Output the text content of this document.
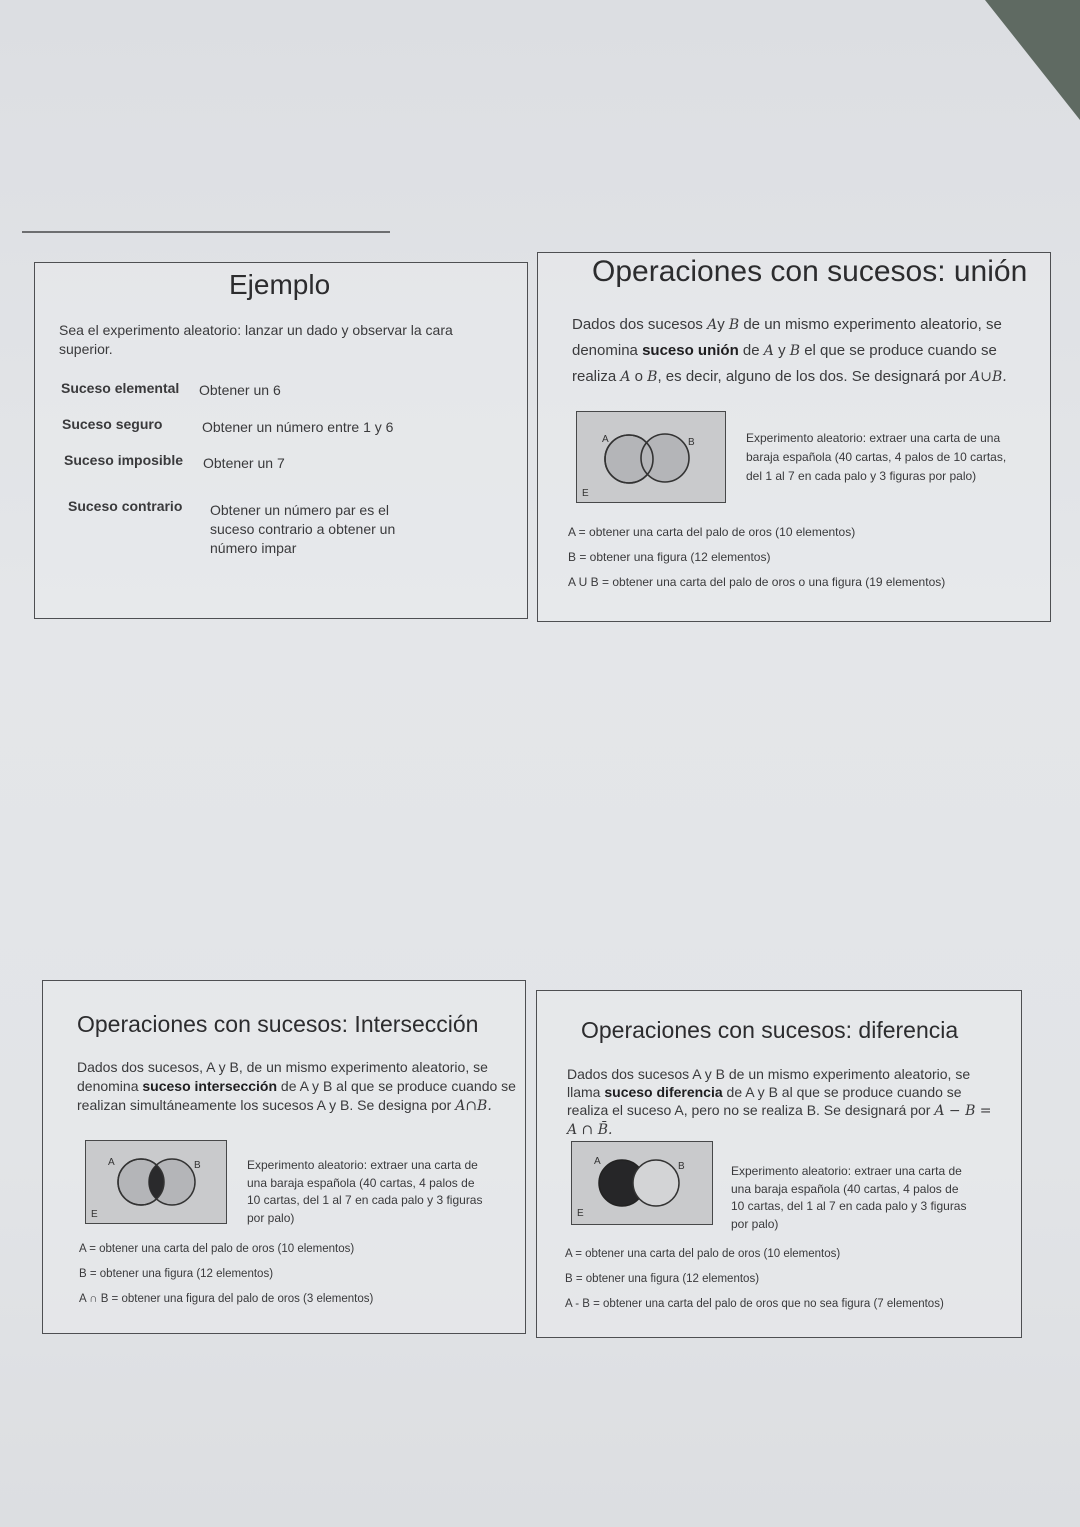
Ejemplo
Sea el experimento aleatorio: lanzar un dado y observar la cara superior.
Suceso elemental Obtener un 6
Suceso seguro	Obtener un número entre 1 y 6
Suceso imposible Obtener un 7
Suceso contrario Obtener un número par es el suceso contrario a obtener un número impar
Operaciones con sucesos: unión
Dados dos sucesos Ay B de un mismo experimento aleatorio, se denomina suceso unión de A y B el que se produce cuando se realiza A o B, es decir, alguno de los dos. Se designará por A∪B.
A	B
E
Experimento aleatorio: extraer una carta de una baraja española (40 cartas, 4 palos de 10 cartas, del 1 al 7 en cada palo y 3 figuras por palo)
A = obtener una carta del palo de oros (10 elementos)
B = obtener una figura (12 elementos)
A U B = obtener una carta del palo de oros o una figura (19 elementos)
Operaciones con sucesos: Intersección
Dados dos sucesos, A y B, de un mismo experimento aleatorio, se denomina suceso intersección de A y B al que se produce cuando se realizan simultáneamente los sucesos A y B. Se designa por A∩B.
A	B
E
Experimento aleatorio: extraer una carta de una baraja española (40 cartas, 4 palos de 10 cartas, del 1 al 7 en cada palo y 3 figuras por palo)
A = obtener una carta del palo de oros (10 elementos)
B = obtener una figura (12 elementos)
A ∩ B = obtener una figura del palo de oros (3 elementos)
Operaciones con sucesos: diferencia
Dados dos sucesos A y B de un mismo experimento aleatorio, se llama suceso diferencia de A y B al que se produce cuando se realiza el suceso A, pero no se realiza B. Se designará por A − B = A ∩ B̄.
A	B
E
Experimento aleatorio: extraer una carta de una baraja española (40 cartas, 4 palos de 10 cartas, del 1 al 7 en cada palo y 3 figuras por palo)
A = obtener una carta del palo de oros (10 elementos)
B = obtener una figura (12 elementos)
A - B = obtener una carta del palo de oros que no sea figura (7 elementos)
